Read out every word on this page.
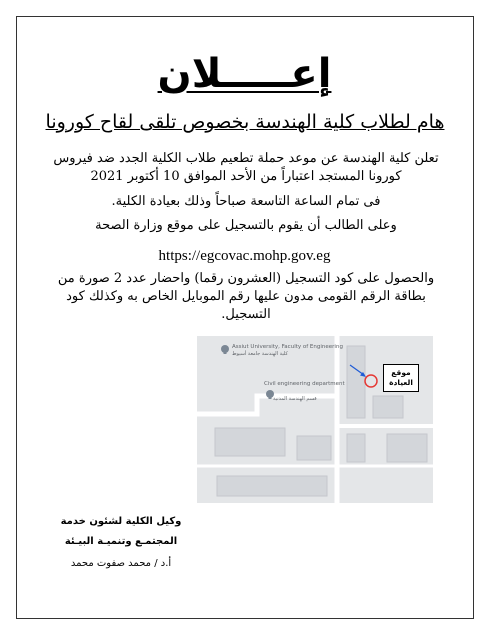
إعـــــلان
هام لطلاب كلية الهندسة بخصوص تلقى لقاح كورونا
تعلن كلية الهندسة عن موعد حملة تطعيم طلاب الكلية الجدد ضد فيروس كورونا المستجد اعتباراً من الأحد الموافق 10 أكتوبر 2021
فى تمام الساعة التاسعة صباحاً وذلك بعيادة الكلية.
وعلى الطالب أن يقوم بالتسجيل على موقع وزارة الصحة
https://egcovac.mohp.gov.eg
والحصول على كود التسجيل (العشرون رقما) واحضار عدد 2 صورة من بطاقة الرقم القومى مدون عليها رقم الموبايل الخاص به وكذلك كود التسجيل.
Assiut University, Faculty of Engineering
كلية الهندسة جامعة أسيوط
Civil engineering department
قسم الهندسة المدنية
موقع
العيادة
وكيل الكلية لشئون خدمة
المجتمـع وتنميـة البيـئة
أ.د / محمد صفوت محمد
